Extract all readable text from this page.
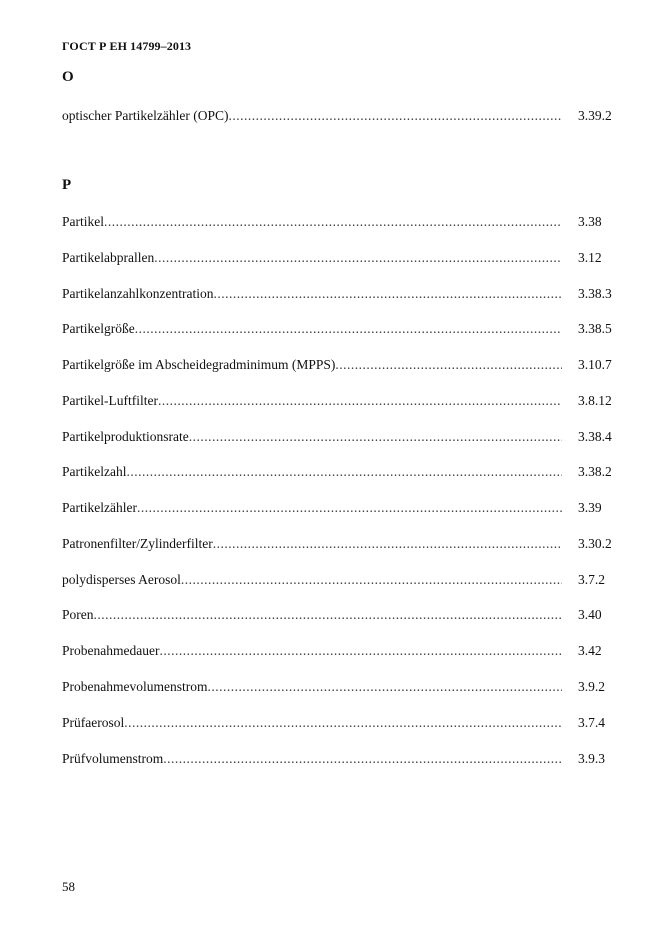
ГОСТ Р ЕН 14799–2013
O
optischer Partikelzähler (OPC) .....	3.39.2
P
Partikel .....	3.38
Partikelabprallen .....	3.12
Partikelanzahlkonzentration .....	3.38.3
Partikelgröße .....	3.38.5
Partikelgröße im Abscheidegradminimum (MPPS) .....	3.10.7
Partikel-Luftfilter .....	3.8.12
Partikelproduktionsrate .....	3.38.4
Partikelzahl .....	3.38.2
Partikelzähler .....	3.39
Patronenfilter/Zylinderfilter .....	3.30.2
polydisperses Aerosol .....	3.7.2
Poren .....	3.40
Probenahmedauer .....	3.42
Probenahmevolumenstrom .....	3.9.2
Prüfaerosol .....	3.7.4
Prüfvolumenstrom .....	3.9.3
58
